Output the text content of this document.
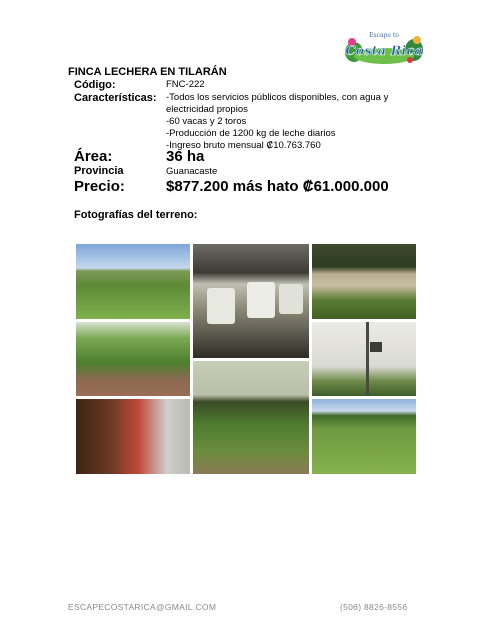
Escape to
Costa Rica
FINCA LECHERA EN TILARÁN
Código:	FNC-222
Características: -Todos los servicios públicos disponibles, con agua y
electricidad propios
-60 vacas y 2 toros
-Producción de 1200 kg de leche diarios
-Ingreso bruto mensual ₡10.763.760
Área:	36 ha
Provincia	Guanacaste
Precio:	$877.200 más hato ₡61.000.000
Fotografías del terreno:
ESCAPECOSTARICA@GMAIL.COM	(506) 8826-8556
